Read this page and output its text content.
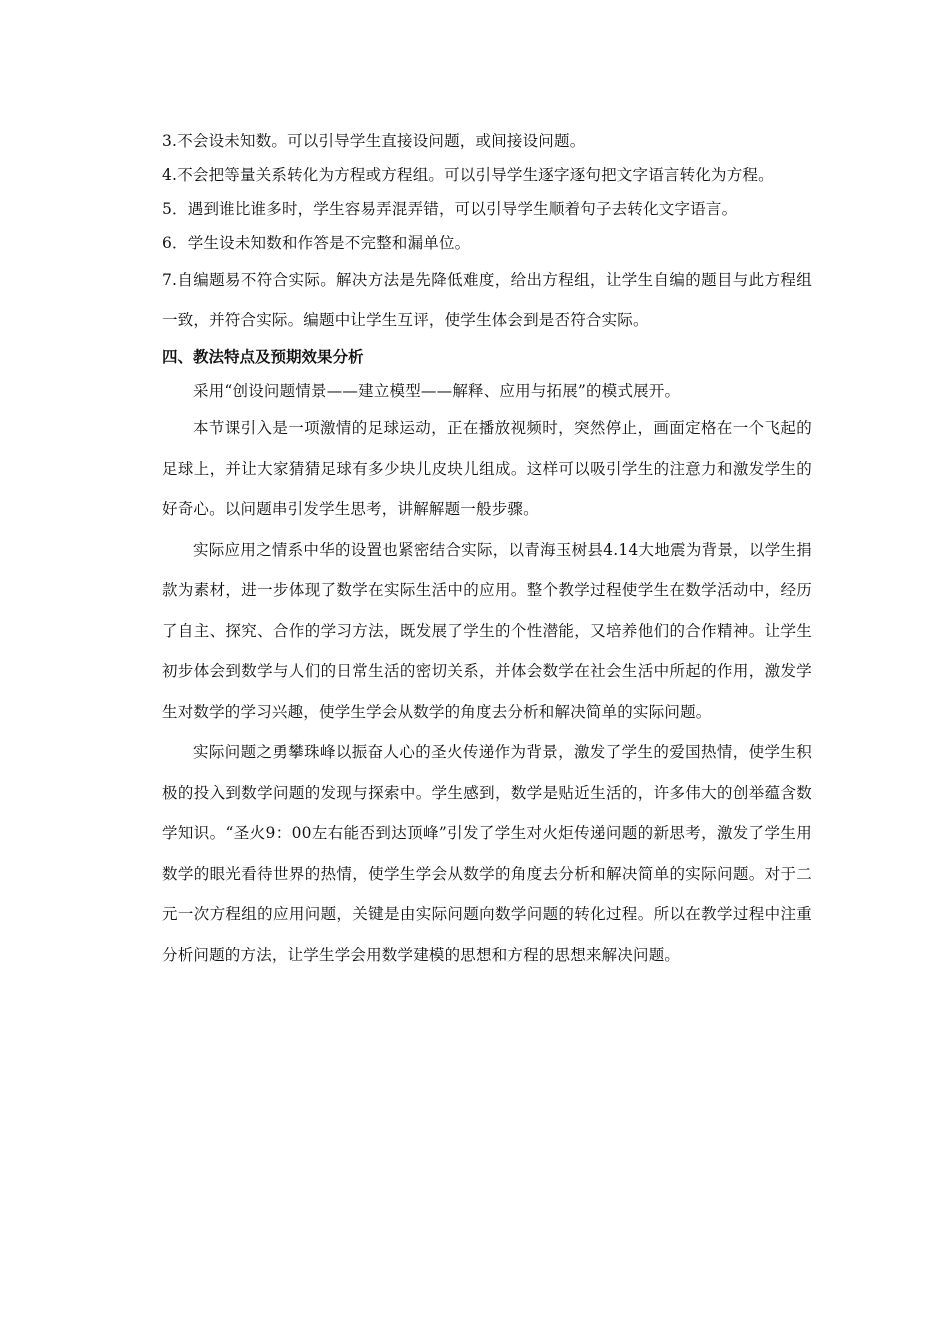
3.不会设未知数。可以引导学生直接设问题，或间接设问题。
4.不会把等量关系转化为方程或方程组。可以引导学生逐字逐句把文字语言转化为方程。
5．遇到谁比谁多时，学生容易弄混弄错，可以引导学生顺着句子去转化文字语言。
6．学生设未知数和作答是不完整和漏单位。
7.自编题易不符合实际。解决方法是先降低难度，给出方程组，让学生自编的题目与此方程组一致，并符合实际。编题中让学生互评，使学生体会到是否符合实际。
四、教法特点及预期效果分析

采用“创设问题情景——建立模型——解释、应用与拓展”的模式展开。

本节课引入是一项激情的足球运动，正在播放视频时，突然停止，画面定格在一个飞起的足球上，并让大家猜猜足球有多少块儿皮块儿组成。这样可以吸引学生的注意力和激发学生的好奇心。以问题串引发学生思考，讲解解题一般步骤。

实际应用之情系中华的设置也紧密结合实际，以青海玉树县4.14大地震为背景，以学生捐款为素材，进一步体现了数学在实际生活中的应用。整个教学过程使学生在数学活动中，经历了自主、探究、合作的学习方法，既发展了学生的个性潜能，又培养他们的合作精神。让学生初步体会到数学与人们的日常生活的密切关系，并体会数学在社会生活中所起的作用，激发学生对数学的学习兴趣，使学生学会从数学的角度去分析和解决简单的实际问题。

实际问题之勇攀珠峰以振奋人心的圣火传递作为背景，激发了学生的爱国热情，使学生积极的投入到数学问题的发现与探索中。学生感到，数学是贴近生活的，许多伟大的创举蕴含数学知识。“圣火9：00左右能否到达顶峰”引发了学生对火炬传递问题的新思考，激发了学生用数学的眼光看待世界的热情，使学生学会从数学的角度去分析和解决简单的实际问题。对于二元一次方程组的应用问题，关键是由实际问题向数学问题的转化过程。所以在教学过程中注重分析问题的方法，让学生学会用数学建模的思想和方程的思想来解决问题。
